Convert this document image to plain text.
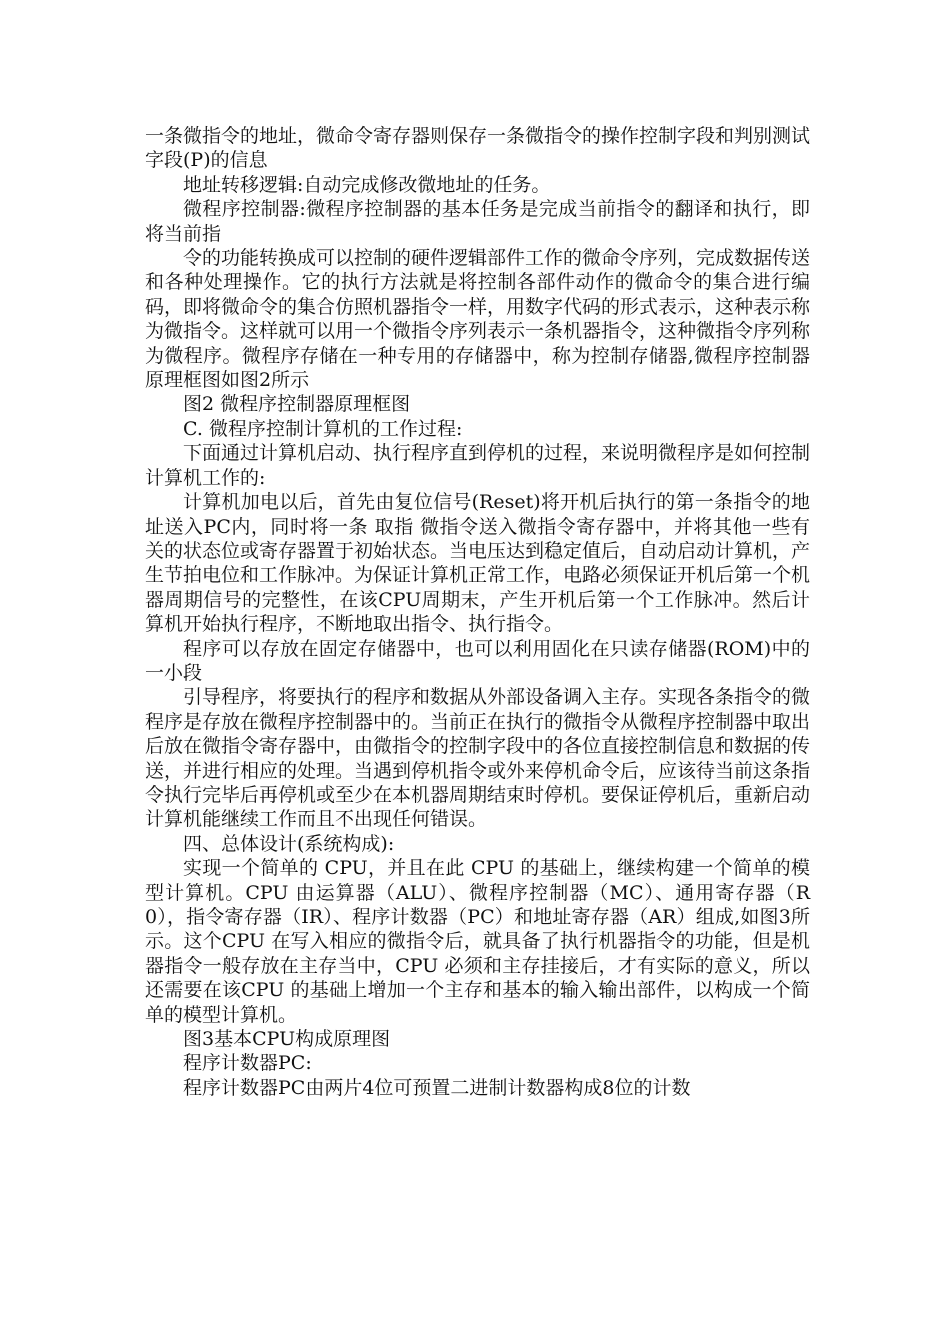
一条微指令的地址，微命令寄存器则保存一条微指令的操作控制字段和判别测试字段(P)的信息

地址转移逻辑:自动完成修改微地址的任务。

微程序控制器:微程序控制器的基本任务是完成当前指令的翻译和执行，即将当前指

令的功能转换成可以控制的硬件逻辑部件工作的微命令序列，完成数据传送和各种处理操作。它的执行方法就是将控制各部件动作的微命令的集合进行编码，即将微命令的集合仿照机器指令一样，用数字代码的形式表示，这种表示称为微指令。这样就可以用一个微指令序列表示一条机器指令，这种微指令序列称为微程序。微程序存储在一种专用的存储器中，称为控制存储器,微程序控制器原理框图如图2所示

图2 微程序控制器原理框图

C. 微程序控制计算机的工作过程:

下面通过计算机启动、执行程序直到停机的过程，来说明微程序是如何控制计算机工作的:

计算机加电以后，首先由复位信号(Reset)将开机后执行的第一条指令的地址送入PC内，同时将一条 取指 微指令送入微指令寄存器中，并将其他一些有关的状态位或寄存器置于初始状态。当电压达到稳定值后，自动启动计算机，产生节拍电位和工作脉冲。为保证计算机正常工作，电路必须保证开机后第一个机器周期信号的完整性，在该CPU周期末，产生开机后第一个工作脉冲。然后计算机开始执行程序，不断地取出指令、执行指令。

程序可以存放在固定存储器中，也可以利用固化在只读存储器(ROM)中的一小段

引导程序，将要执行的程序和数据从外部设备调入主存。实现各条指令的微程序是存放在微程序控制器中的。当前正在执行的微指令从微程序控制器中取出后放在微指令寄存器中，由微指令的控制字段中的各位直接控制信息和数据的传送，并进行相应的处理。当遇到停机指令或外来停机命令后，应该待当前这条指令执行完毕后再停机或至少在本机器周期结束时停机。要保证停机后，重新启动计算机能继续工作而且不出现任何错误。

四、总体设计(系统构成):

实现一个简单的 CPU，并且在此 CPU 的基础上，继续构建一个简单的模型计算机。CPU 由运算器（ALU）、微程序控制器（MC）、通用寄存器（R0），指令寄存器（IR）、程序计数器（PC）和地址寄存器（AR）组成,如图3所示。这个CPU 在写入相应的微指令后，就具备了执行机器指令的功能，但是机器指令一般存放在主存当中，CPU 必须和主存挂接后，才有实际的意义，所以还需要在该CPU 的基础上增加一个主存和基本的输入输出部件，以构成一个简单的模型计算机。

图3基本CPU构成原理图

程序计数器PC:

程序计数器PC由两片4位可预置二进制计数器构成8位的计数
